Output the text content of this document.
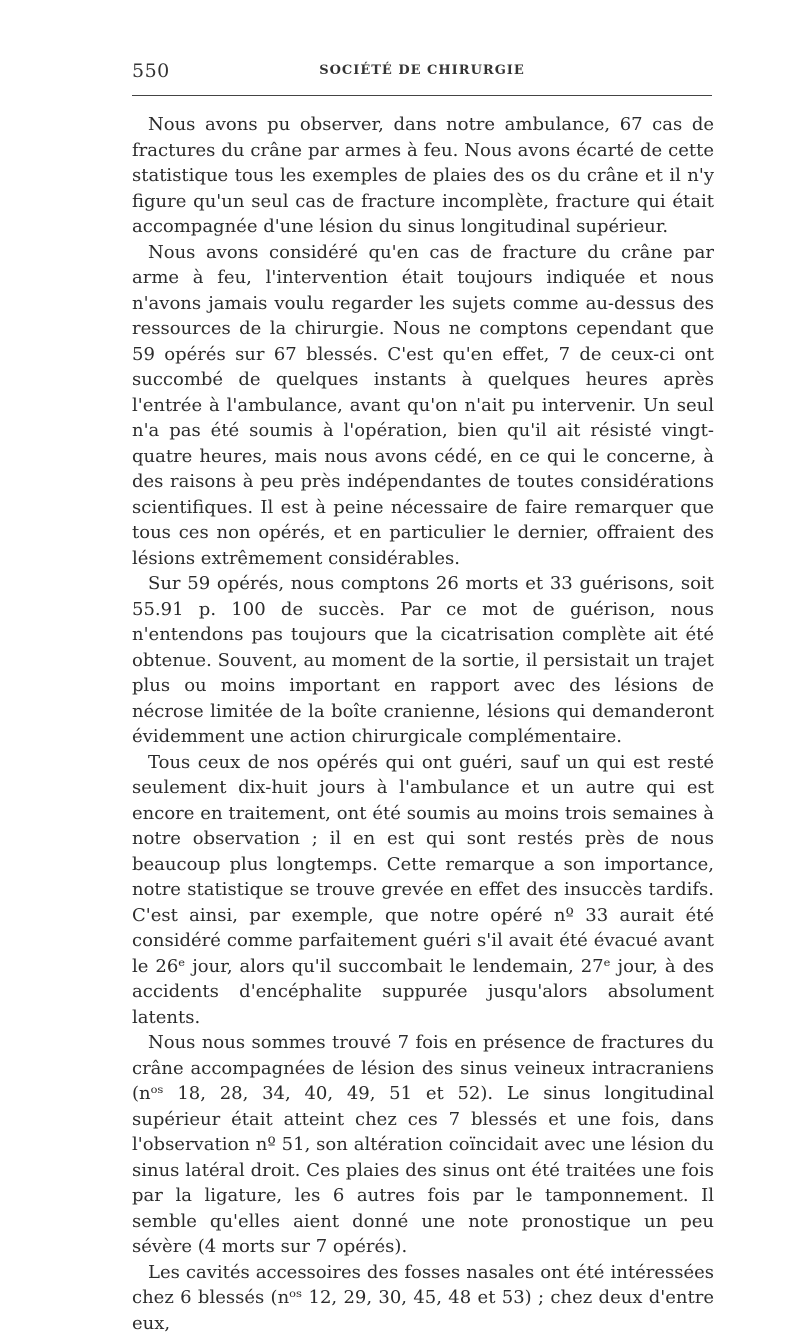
550	SOCIÉTÉ DE CHIRURGIE

Nous avons pu observer, dans notre ambulance, 67 cas de fractures du crâne par armes à feu. Nous avons écarté de cette statistique tous les exemples de plaies des os du crâne et il n'y figure qu'un seul cas de fracture incomplète, fracture qui était accompagnée d'une lésion du sinus longitudinal supérieur.

Nous avons considéré qu'en cas de fracture du crâne par arme à feu, l'intervention était toujours indiquée et nous n'avons jamais voulu regarder les sujets comme au-dessus des ressources de la chirurgie. Nous ne comptons cependant que 59 opérés sur 67 blessés. C'est qu'en effet, 7 de ceux-ci ont succombé de quelques instants à quelques heures après l'entrée à l'ambulance, avant qu'on n'ait pu intervenir. Un seul n'a pas été soumis à l'opération, bien qu'il ait résisté vingt-quatre heures, mais nous avons cédé, en ce qui le concerne, à des raisons à peu près indépendantes de toutes considérations scientifiques. Il est à peine nécessaire de faire remarquer que tous ces non opérés, et en particulier le dernier, offraient des lésions extrêmement considérables.

Sur 59 opérés, nous comptons 26 morts et 33 guérisons, soit 55.91 p. 100 de succès. Par ce mot de guérison, nous n'entendons pas toujours que la cicatrisation complète ait été obtenue. Souvent, au moment de la sortie, il persistait un trajet plus ou moins important en rapport avec des lésions de nécrose limitée de la boîte cranienne, lésions qui demanderont évidemment une action chirurgicale complémentaire.

Tous ceux de nos opérés qui ont guéri, sauf un qui est resté seulement dix-huit jours à l'ambulance et un autre qui est encore en traitement, ont été soumis au moins trois semaines à notre observation ; il en est qui sont restés près de nous beaucoup plus longtemps. Cette remarque a son importance, notre statistique se trouve grevée en effet des insuccès tardifs. C'est ainsi, par exemple, que notre opéré nº 33 aurait été considéré comme parfaitement guéri s'il avait été évacué avant le 26ᵉ jour, alors qu'il succombait le lendemain, 27ᵉ jour, à des accidents d'encéphalite suppurée jusqu'alors absolument latents.

Nous nous sommes trouvé 7 fois en présence de fractures du crâne accompagnées de lésion des sinus veineux intracraniens (nᵒˢ 18, 28, 34, 40, 49, 51 et 52). Le sinus longitudinal supérieur était atteint chez ces 7 blessés et une fois, dans l'observation nº 51, son altération coïncidait avec une lésion du sinus latéral droit. Ces plaies des sinus ont été traitées une fois par la ligature, les 6 autres fois par le tamponnement. Il semble qu'elles aient donné une note pronostique un peu sévère (4 morts sur 7 opérés).

Les cavités accessoires des fosses nasales ont été intéressées chez 6 blessés (nᵒˢ 12, 29, 30, 45, 48 et 53) ; chez deux d'entre eux,
